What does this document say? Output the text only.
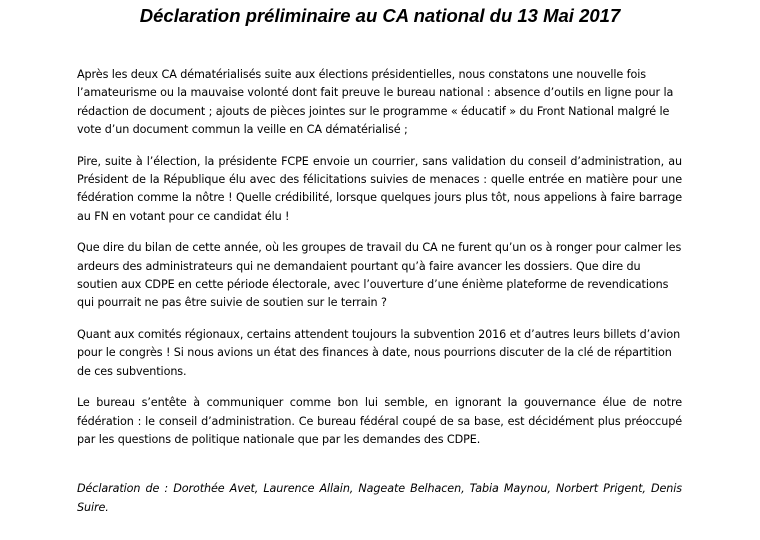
Déclaration préliminaire au CA national du 13 Mai 2017

Après les deux CA dématérialisés suite aux élections présidentielles, nous constatons une nouvelle fois l’amateurisme ou la mauvaise volonté dont fait preuve le bureau national : absence d’outils en ligne pour la rédaction de document ; ajouts de pièces jointes sur le programme « éducatif » du Front National malgré le vote d’un document commun la veille en CA dématérialisé ;

Pire, suite à l’élection, la présidente FCPE envoie un courrier, sans validation du conseil d’administration, au Président de la République élu avec des félicitations suivies de menaces : quelle entrée en matière pour une fédération comme la nôtre ! Quelle crédibilité, lorsque quelques jours plus tôt, nous appelions à faire barrage au FN en votant pour ce candidat élu !

Que dire du bilan de cette année, où les groupes de travail du CA ne furent qu’un os à ronger pour calmer les ardeurs des administrateurs qui ne demandaient pourtant qu’à faire avancer les dossiers. Que dire du soutien aux CDPE en cette période électorale, avec l’ouverture d’une énième plateforme de revendications qui pourrait ne pas être suivie de soutien sur le terrain ?

Quant aux comités régionaux, certains attendent toujours la subvention 2016 et d’autres leurs billets d’avion pour le congrès ! Si nous avions un état des finances à date, nous pourrions discuter de la clé de répartition de ces subventions.

Le bureau s’entête à communiquer comme bon lui semble, en ignorant la gouvernance élue de notre fédération : le conseil d’administration. Ce bureau fédéral coupé de sa base, est décidément plus préoccupé par les questions de politique nationale que par les demandes des CDPE.

Déclaration de : Dorothée Avet, Laurence Allain, Nageate Belhacen, Tabia Maynou, Norbert Prigent, Denis Suire.
